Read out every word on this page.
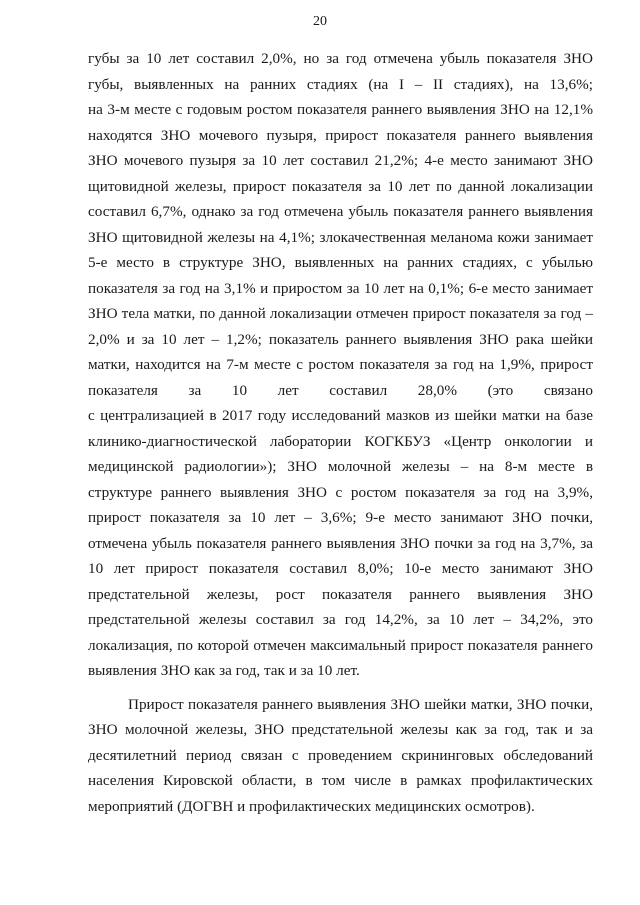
20
губы за 10 лет составил 2,0%, но за год отмечена убыль показателя ЗНО
губы, выявленных на ранних стадиях (на I – II стадиях), на 13,6%;
на 3-м месте с годовым ростом показателя раннего выявления ЗНО на 12,1%
находятся ЗНО мочевого пузыря, прирост показателя раннего выявления
ЗНО мочевого пузыря за 10 лет составил 21,2%; 4-е место занимают ЗНО
щитовидной железы, прирост показателя за 10 лет по данной локализации
составил 6,7%, однако за год отмечена убыль показателя раннего выявления
ЗНО щитовидной железы на 4,1%; злокачественная меланома кожи занимает
5-е место в структуре ЗНО, выявленных на ранних стадиях, с убылью
показателя за год на 3,1% и приростом за 10 лет на 0,1%; 6-е место занимает
ЗНО тела матки, по данной локализации отмечен прирост показателя за год –
2,0% и за 10 лет – 1,2%; показатель раннего выявления ЗНО рака шейки
матки, находится на 7-м месте с ростом показателя за год на 1,9%, прирост
показателя за 10 лет составил 28,0% (это связано
с централизацией в 2017 году исследований мазков из шейки матки на базе
клинико-диагностической лаборатории КОГКБУЗ «Центр онкологии и
медицинской радиологии»); ЗНО молочной железы – на 8-м месте в
структуре раннего выявления ЗНО с ростом показателя за год на 3,9%,
прирост показателя за 10 лет – 3,6%; 9-е место занимают ЗНО почки,
отмечена убыль показателя раннего выявления ЗНО почки за год на 3,7%, за
10 лет прирост показателя составил 8,0%; 10-е место занимают ЗНО
предстательной железы, рост показателя раннего выявления ЗНО
предстательной железы составил за год 14,2%, за 10 лет – 34,2%, это
локализация, по которой отмечен максимальный прирост показателя раннего
выявления ЗНО как за год, так и за 10 лет.
Прирост показателя раннего выявления ЗНО шейки матки, ЗНО почки,
ЗНО молочной железы, ЗНО предстательной железы как за год, так и за
десятилетний период связан с проведением скрининговых обследований
населения Кировской области, в том числе в рамках профилактических
мероприятий (ДОГВН и профилактических медицинских осмотров).
